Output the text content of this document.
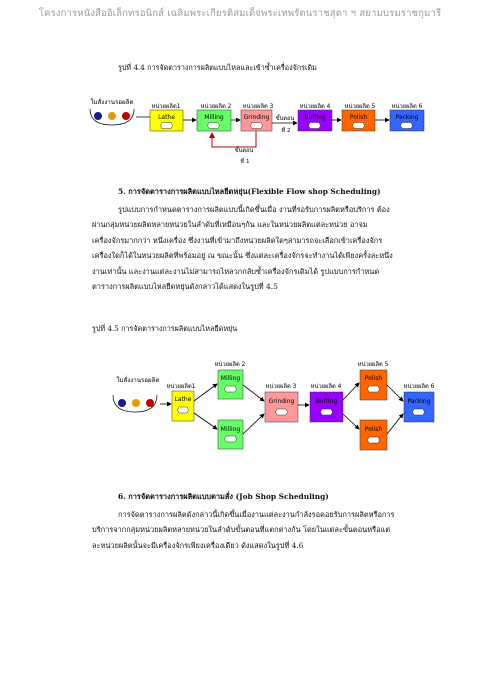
โครงการหนังสืออิเล็กทรอนิกส์ เฉลิมพระเกียรติสมเด็จพระเทพรัตนราชสุดา ฯ สยามบรมราชกุมารี
รูปที่ 4.4 การจัดตารางการผลิตแบบไหลและเข้าซ้ำเครื่องจักรเดิม
ใบสั่งงานรอผลิต
หน่วยผลิต1	หน่วยผลิต 2 หน่วยผลิต 3	หน่วยผลิต 4 หน่วยผลิต 5	หน่วยผลิต 6
Lathe	Milling	Grinding ขั้นตอน
ที่ 2
Buffing	Polish	Packing
ขั้นตอน
ที่ 1
5. การจัดตารางการผลิตแบบไหลยืดหยุ่น(Flexible Flow shop Scheduling)
รูปแบบการกำหนดตารางการผลิตแบบนี้เกิดขึ้นเมื่อ งานที่รอรับการผลิตหรือบริการ ต้อง
ผ่านกลุ่มหน่วยผลิตหลายหน่วยในลำดับที่เหมือนๆกัน และในหน่วยผลิตแต่ละหน่วย อาจม
เครื่องจักรมากกว่า หนึ่งเครื่อง ซึ่งงานที่เข้ามาถึงหน่วยผลิตใดๆสามารถจะเลือกเข้าเครื่องจักร
เครื่องใดก็ได้ในหน่วยผลิตที่พร้อมอยู่ ณ ขณะนั้น ซึ่งแต่ละเครื่องจักรจะทำงานได้เพียงครั้งละหนึ่ง
งานเท่านั้น และงานแต่ละงานไม่สามารถไหลวกกลับซ้ำเครื่องจักรเดิมได้ รูปแบบการกำหนด
ตารางการผลิตแบบไหลยืดหยุ่นดังกล่าวได้แสดงในรูปที่ 4.5
รูปที่ 4.5 การจัดตารางการผลิตแบบไหลยืดหยุ่น
ใบสั่งงานรอผลิต
หน่วยผลิต1
หน่วยผลิต 2
หน่วยผลิต 3 หน่วยผลิต 4
หน่วยผลิต 5
หน่วยผลิต 6
Lathe
Milling
Milling
Grinding	Buffing
Polish
Polish
Packing
6. การจัดตารางการผลิตแบบตามสั่ง (Job Shop Scheduling)
การจัดตารางการผลิตดังกล่าวนี้เกิดขึ้นเมื่องานแต่ละงานกำลังรอคอยรับการผลิตหรือการ
บริการจากกลุ่มหน่วยผลิตหลายหน่วยในลำดับขั้นตอนที่แตกต่างกัน โดยในแต่ละขั้นตอนหรือแต่
ละหน่วยผลิตนั้นจะมีเครื่องจักรเพียงเครื่องเดียว ดังแสดงในรูปที่ 4.6
